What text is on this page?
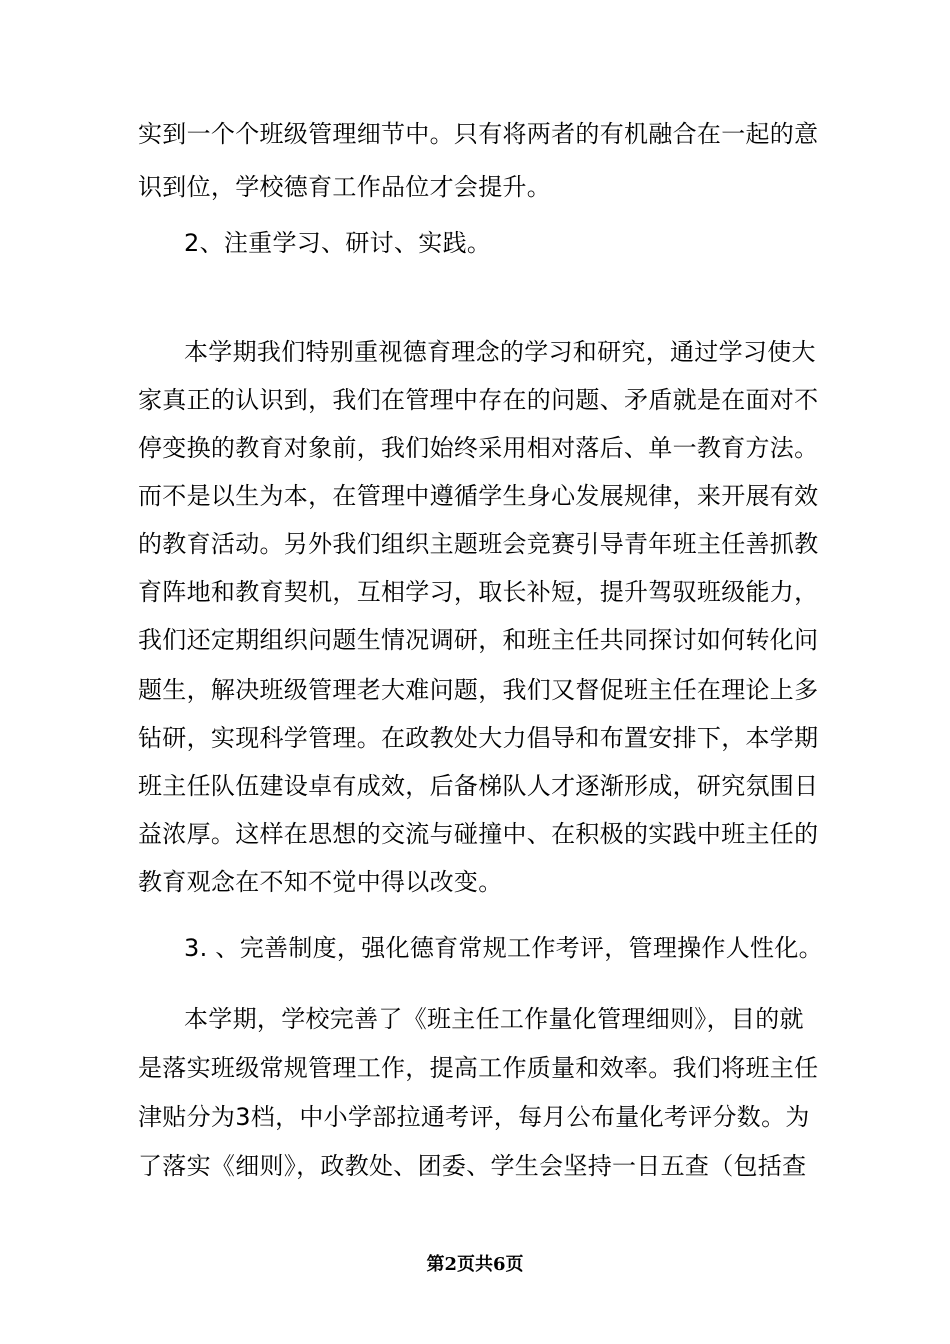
实到一个个班级管理细节中。只有将两者的有机融合在一起的意
识到位，学校德育工作品位才会提升。
2、注重学习、研讨、实践。
本学期我们特别重视德育理念的学习和研究，通过学习使大
家真正的认识到，我们在管理中存在的问题、矛盾就是在面对不
停变换的教育对象前，我们始终采用相对落后、单一教育方法。
而不是以生为本，在管理中遵循学生身心发展规律，来开展有效
的教育活动。另外我们组织主题班会竞赛引导青年班主任善抓教
育阵地和教育契机，互相学习，取长补短，提升驾驭班级能力，
我们还定期组织问题生情况调研，和班主任共同探讨如何转化问
题生，解决班级管理老大难问题，我们又督促班主任在理论上多
钻研，实现科学管理。在政教处大力倡导和布置安排下，本学期
班主任队伍建设卓有成效，后备梯队人才逐渐形成，研究氛围日
益浓厚。这样在思想的交流与碰撞中、在积极的实践中班主任的
教育观念在不知不觉中得以改变。
3. 、完善制度，强化德育常规工作考评，管理操作人性化。
本学期，学校完善了《班主任工作量化管理细则》，目的就
是落实班级常规管理工作，提高工作质量和效率。我们将班主任
津贴分为3档，中小学部拉通考评，每月公布量化考评分数。为
了落实《细则》，政教处、团委、学生会坚持一日五查（包括查
第2页共6页
